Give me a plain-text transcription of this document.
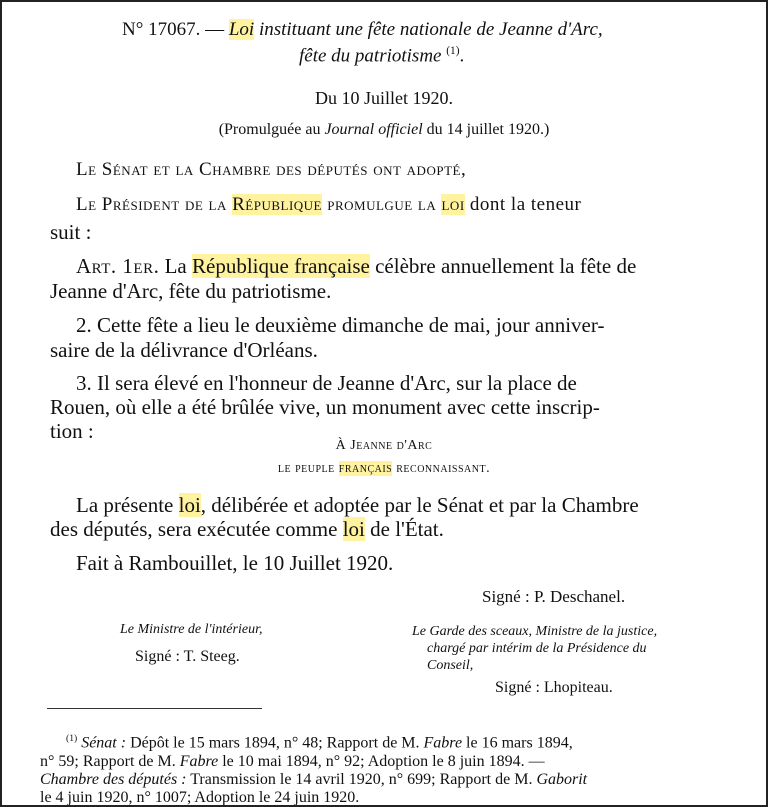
N° 17067. — Loi instituant une fête nationale de Jeanne d'Arc,
fête du patriotisme $^{(1)}$.
Du 10 Juillet 1920.
(Promulguée au Journal officiel du 14 juillet 1920.)
Le Sénat et la Chambre des députés ont adopté,
Le Président de la République promulgue la loi dont la teneur
suit :
Art. 1er. La République française célèbre annuellement la fête de
Jeanne d'Arc, fête du patriotisme.
2. Cette fête a lieu le deuxième dimanche de mai, jour anniver-
saire de la délivrance d'Orléans.
3. Il sera élevé en l'honneur de Jeanne d'Arc, sur la place de
Rouen, où elle a été brûlée vive, un monument avec cette inscrip-
tion :
À Jeanne d'Arc
le peuple français reconnaissant.
La présente loi, délibérée et adoptée par le Sénat et par la Chambre
des députés, sera exécutée comme loi de l'État.
Fait à Rambouillet, le 10 Juillet 1920.
Signé : P. Deschanel.
Le Ministre de l'intérieur,
Signé : T. Steeg.
Le Garde des sceaux, Ministre de la justice,
chargé par intérim de la Présidence du
Conseil,
Signé : Lhopiteau.
$^{(1)}$ Sénat : Dépôt le 15 mars 1894, n° 48; Rapport de M. Fabre le 16 mars 1894,
n° 59; Rapport de M. Fabre le 10 mai 1894, n° 92; Adoption le 8 juin 1894. —
Chambre des députés : Transmission le 14 avril 1920, n° 699; Rapport de M. Gaborit
le 4 juin 1920, n° 1007; Adoption le 24 juin 1920.
